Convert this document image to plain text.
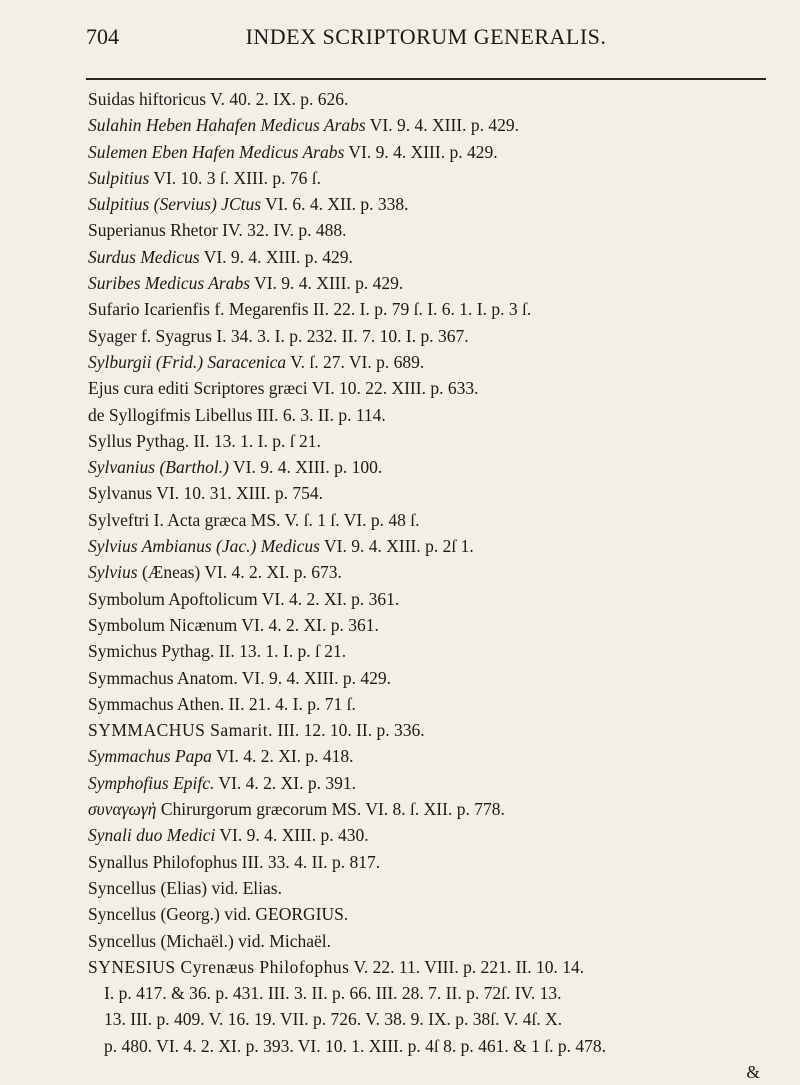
704	INDEX SCRIPTORUM GENERALIS.
Suidas hiftoricus V. 40. 2. IX. p. 626.
Sulahin Heben Hahafen Medicus Arabs VI. 9. 4. XIII. p. 429.
Sulemen Eben Hafen Medicus Arabs VI. 9. 4. XIII. p. 429.
Sulpitius VI. 10. 3 ſ. XIII. p. 76 ſ.
Sulpitius (Servius) JCtus VI. 6. 4. XII. p. 338.
Superianus Rhetor IV. 32. IV. p. 488.
Surdus Medicus VI. 9. 4. XIII. p. 429.
Suribes Medicus Arabs VI. 9. 4. XIII. p. 429.
Sufario Icarienfis f. Megarenfis II. 22. I. p. 79 ſ. I. 6. 1. I. p. 3 ſ.
Syager f. Syagrus I. 34. 3. I. p. 232. II. 7. 10. I. p. 367.
Sylburgii (Frid.) Saracenica V. ſ. 27. VI. p. 689.
Ejus cura editi Scriptores græci VI. 10. 22. XIII. p. 633.
de Syllogifmis Libellus III. 6. 3. II. p. 114.
Syllus Pythag. II. 13. 1. I. p. ſ 21.
Sylvanius (Barthol.) VI. 9. 4. XIII. p. 100.
Sylvanus VI. 10. 31. XIII. p. 754.
Sylveftri I. Acta græca MS. V. ſ. 1 ſ. VI. p. 48 ſ.
Sylvius Ambianus (Jac.) Medicus VI. 9. 4. XIII. p. 2ſ 1.
Sylvius (Æneas) VI. 4. 2. XI. p. 673.
Symbolum Apoftolicum VI. 4. 2. XI. p. 361.
Symbolum Nicænum VI. 4. 2. XI. p. 361.
Symichus Pythag. II. 13. 1. I. p. ſ 21.
Symmachus Anatom. VI. 9. 4. XIII. p. 429.
Symmachus Athen. II. 21. 4. I. p. 71 ſ.
SYMMACHUS Samarit. III. 12. 10. II. p. 336.
Symmachus Papa VI. 4. 2. XI. p. 418.
Symphofius Epifc. VI. 4. 2. XI. p. 391.
συναγωγὴ Chirurgorum græcorum MS. VI. 8. ſ. XII. p. 778.
Synali duo Medici VI. 9. 4. XIII. p. 430.
Synallus Philofophus III. 33. 4. II. p. 817.
Syncellus (Elias) vid. Elias.
Syncellus (Georg.) vid. GEORGIUS.
Syncellus (Michaël.) vid. Michaël.
SYNESIUS Cyrenæus Philofophus V. 22. 11. VIII. p. 221. II. 10. 14.
I. p. 417. & 36. p. 431. III. 3. II. p. 66. III. 28. 7. II. p. 72ſ. IV. 13.
13. III. p. 409. V. 16. 19. VII. p. 726. V. 38. 9. IX. p. 38ſ. V. 4ſ. X.
p. 480. VI. 4. 2. XI. p. 393. VI. 10. 1. XIII. p. 4ſ 8. p. 461. & 1 ſ. p. 478.
&
